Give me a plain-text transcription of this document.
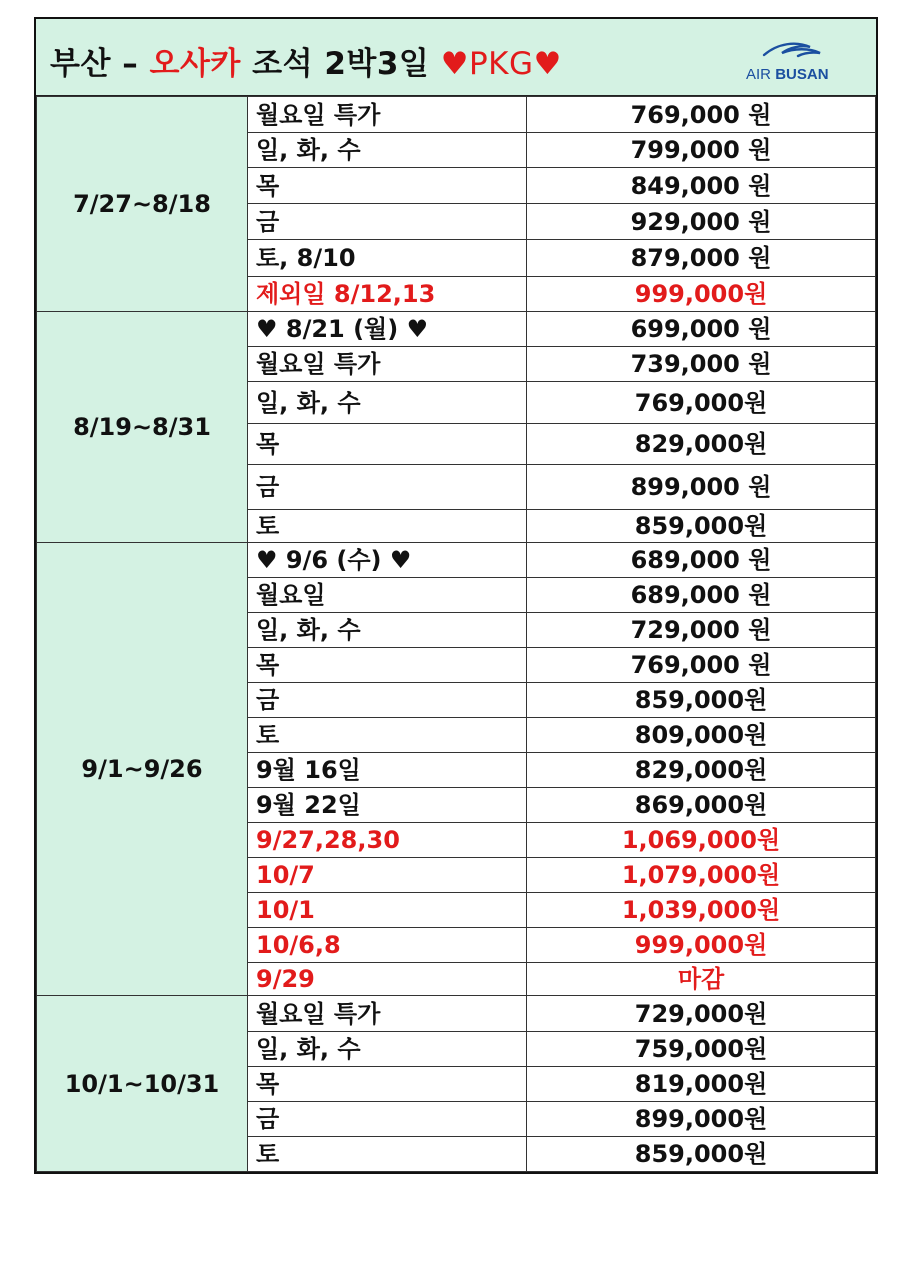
부산 – 오사카 조석 2박3일 ♥PKG♥	AIR BUSAN
7/27~8/18	월요일 특가	769,000 원
	일, 화, 수	799,000 원
	목	849,000 원
	금	929,000 원
	토, 8/10	879,000 원
	제외일 8/12,13	999,000원
8/19~8/31	♥ 8/21 (월) ♥	699,000 원
	월요일 특가	739,000 원
	일, 화, 수	769,000원
	목	829,000원
	금	899,000 원
	토	859,000원
9/1~9/26	♥ 9/6 (수) ♥	689,000 원
	월요일	689,000 원
	일, 화, 수	729,000 원
	목	769,000 원
	금	859,000원
	토	809,000원
	9월 16일	829,000원
	9월 22일	869,000원
	9/27,28,30	1,069,000원
	10/7	1,079,000원
	10/1	1,039,000원
	10/6,8	999,000원
	9/29	마감
10/1~10/31	월요일 특가	729,000원
	일, 화, 수	759,000원
	목	819,000원
	금	899,000원
	토	859,000원
